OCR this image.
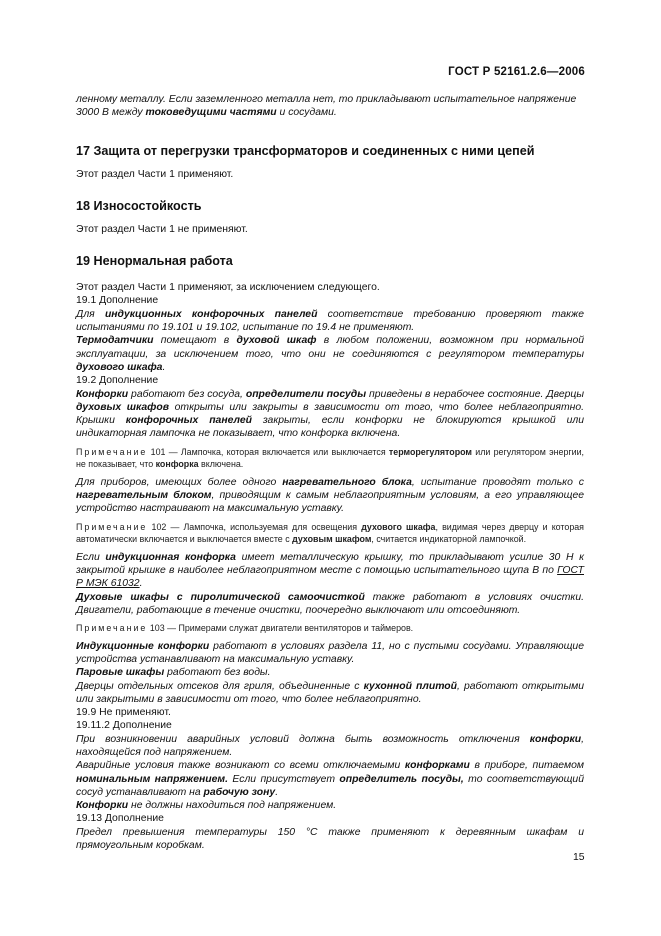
ГОСТ Р 52161.2.6—2006

ленному металлу. Если заземленного металла нет, то прикладывают испытательное напряжение
3000 В между токоведущими частями и сосудами.

17 Защита от перегрузки трансформаторов и соединенных с ними цепей

Этот раздел Части 1 применяют.

18 Износостойкость

Этот раздел Части 1 не применяют.

19 Ненормальная работа

Этот раздел Части 1 применяют, за исключением следующего.

19.1 Дополнение

Для индукционных конфорочных панелей соответствие требованию проверяют также испытаниями по 19.101 и 19.102, испытание по 19.4 не применяют.

Термодатчики помещают в духовой шкаф в любом положении, возможном при нормальной эксплуатации, за исключением того, что они не соединяются с регулятором температуры духового шкафа.

19.2 Дополнение

Конфорки работают без сосуда, определители посуды приведены в нерабочее состояние. Дверцы духовых шкафов открыты или закрыты в зависимости от того, что более неблагоприятно. Крышки конфорочных панелей закрыты, если конфорки не блокируются крышкой или индикаторная лампочка не показывает, что конфорка включена.

Примечание 101 — Лампочка, которая включается или выключается терморегулятором или регулятором энергии, не показывает, что конфорка включена.

Для приборов, имеющих более одного нагревательного блока, испытание проводят только с нагревательным блоком, приводящим к самым неблагоприятным условиям, а его управляющее устройство настраивают на максимальную уставку.

Примечание 102 — Лампочка, используемая для освещения духового шкафа, видимая через дверцу и которая автоматически включается и выключается вместе с духовым шкафом, считается индикаторной лампочкой.

Если индукционная конфорка имеет металлическую крышку, то прикладывают усилие 30 Н к закрытой крышке в наиболее неблагоприятном месте с помощью испытательного щупа В по ГОСТ Р МЭК 61032.

Духовые шкафы с пиролитической самоочисткой также работают в условиях очистки. Двигатели, работающие в течение очистки, поочередно выключают или отсоединяют.

Примечание 103 — Примерами служат двигатели вентиляторов и таймеров.

Индукционные конфорки работают в условиях раздела 11, но с пустыми сосудами. Управляющие устройства устанавливают на максимальную уставку.

Паровые шкафы работают без воды.

Дверцы отдельных отсеков для гриля, объединенные с кухонной плитой, работают открытыми или закрытыми в зависимости от того, что более неблагоприятно.

19.9 Не применяют.

19.11.2 Дополнение

При возникновении аварийных условий должна быть возможность отключения конфорки, находящейся под напряжением.

Аварийные условия также возникают со всеми отключаемыми конфорками в приборе, питаемом номинальным напряжением. Если присутствует определитель посуды, то соответствующий сосуд устанавливают на рабочую зону.

Конфорки не должны находиться под напряжением.

19.13 Дополнение

Предел превышения температуры 150 °С также применяют к деревянным шкафам и прямоугольным коробкам.

15
